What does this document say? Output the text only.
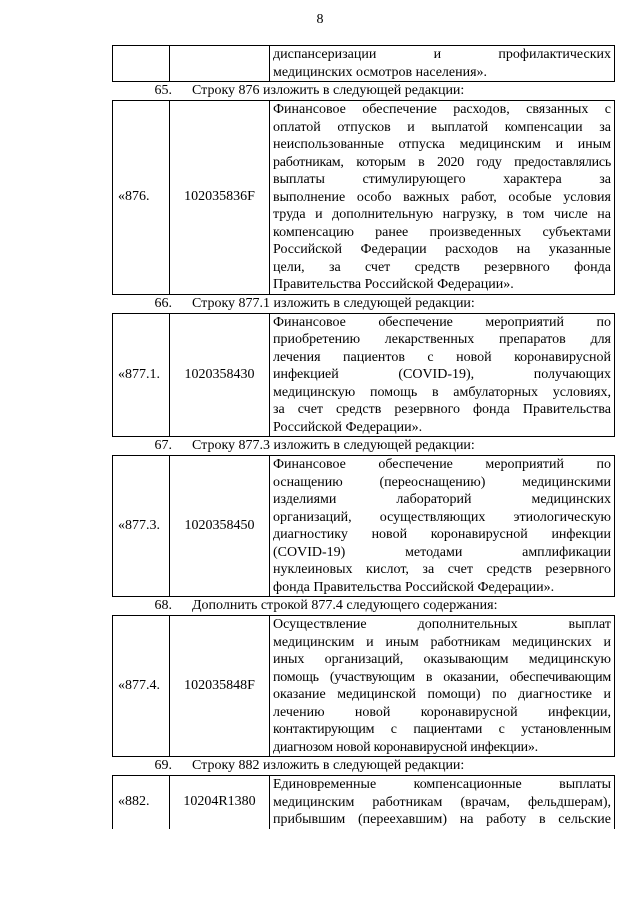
8
диспансеризации и профилактических
медицинских осмотров населения».
65. Строку 876 изложить в следующей редакции:
«876.	102035836F
Финансовое обеспечение расходов, связанных с
оплатой отпусков и выплатой компенсации за
неиспользованные отпуска медицинским и иным
работникам, которым в 2020 году предоставлялись
выплаты стимулирующего характера за
выполнение особо важных работ, особые условия
труда и дополнительную нагрузку, в том числе на
компенсацию ранее произведенных субъектами
Российской Федерации расходов на указанные
цели, за счет средств резервного фонда
Правительства Российской Федерации».
66. Строку 877.1 изложить в следующей редакции:
«877.1.	1020358430
Финансовое обеспечение мероприятий по
приобретению лекарственных препаратов для
лечения пациентов с новой коронавирусной
инфекцией (COVID-19), получающих
медицинскую помощь в амбулаторных условиях,
за счет средств резервного фонда Правительства
Российской Федерации».
67. Строку 877.3 изложить в следующей редакции:
«877.3.	1020358450
Финансовое обеспечение мероприятий по
оснащению (переоснащению) медицинскими
изделиями лабораторий медицинских
организаций, осуществляющих этиологическую
диагностику новой коронавирусной инфекции
(COVID-19) методами амплификации
нуклеиновых кислот, за счет средств резервного
фонда Правительства Российской Федерации».
68. Дополнить строкой 877.4 следующего содержания:
«877.4.	102035848F
Осуществление дополнительных выплат
медицинским и иным работникам медицинских и
иных организаций, оказывающим медицинскую
помощь (участвующим в оказании, обеспечивающим
оказание медицинской помощи) по диагностике и
лечению новой коронавирусной инфекции,
контактирующим с пациентами с установленным
диагнозом новой коронавирусной инфекции».
69. Строку 882 изложить в следующей редакции:
«882.	10204R1380
Единовременные компенсационные выплаты
медицинским работникам (врачам, фельдшерам),
прибывшим (переехавшим) на работу в сельские
